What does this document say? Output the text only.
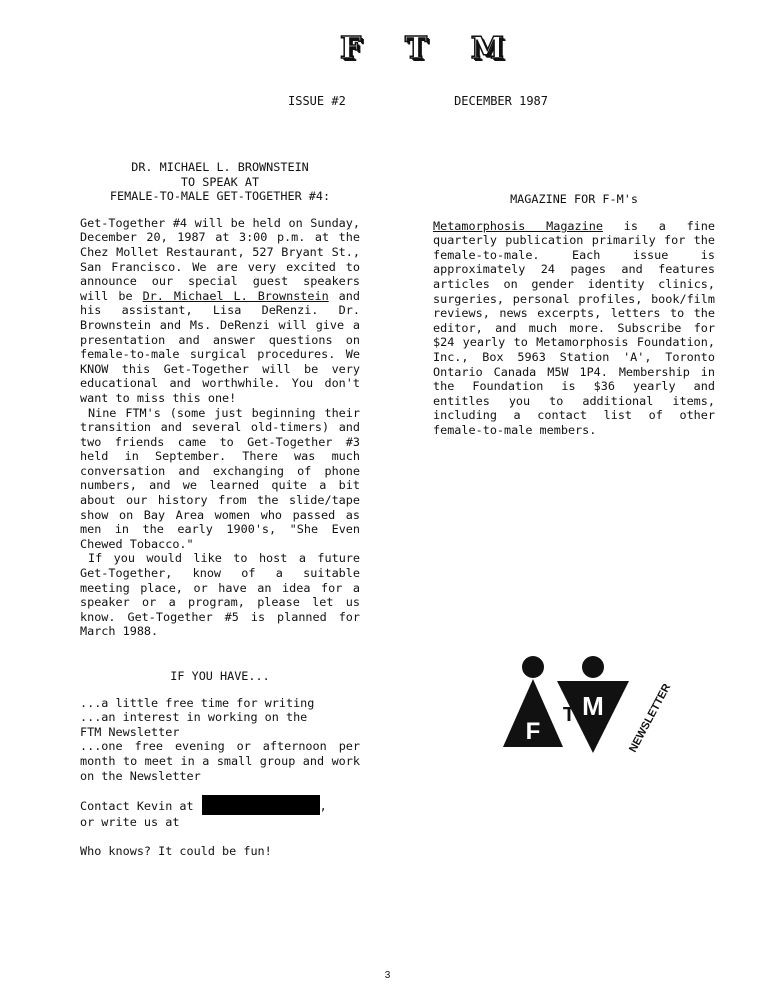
F T M
ISSUE #2	DECEMBER 1987
DR. MICHAEL L. BROWNSTEIN
TO SPEAK AT
FEMALE-TO-MALE GET-TOGETHER #4:

Get-Together #4 will be held on Sunday, December 20, 1987 at 3:00 p.m. at the Chez Mollet Restaurant, 527 Bryant St., San Francisco. We are very excited to announce our special guest speakers will be Dr. Michael L. Brownstein and his assistant, Lisa DeRenzi. Dr. Brownstein and Ms. DeRenzi will give a presentation and answer questions on female-to-male surgical procedures. We KNOW this Get-Together will be very educational and worthwhile. You don't want to miss this one!

Nine FTM's (some just beginning their transition and several old-timers) and two friends came to Get-Together #3 held in September. There was much conversation and exchanging of phone numbers, and we learned quite a bit about our history from the slide/tape show on Bay Area women who passed as men in the early 1900's, "She Even Chewed Tobacco."

If you would like to host a future Get-Together, know of a suitable meeting place, or have an idea for a speaker or a program, please let us know. Get-Together #5 is planned for March 1988.

IF YOU HAVE...

...a little free time for writing

...an interest in working on the
FTM Newsletter

...one free evening or afternoon per month to meet in a small group and work on the Newsletter

Contact Kevin at	,
or write us at
Who knows? It could be fun!
MAGAZINE FOR F-M's

Metamorphosis Magazine is a fine quarterly publication primarily for the female-to-male. Each issue is approximately 24 pages and features articles on gender identity clinics, surgeries, personal profiles, book/film reviews, news excerpts, letters to the editor, and much more. Subscribe for $24 yearly to Metamorphosis Foundation, Inc., Box 5963 Station 'A', Toronto Ontario Canada M5W 1P4. Membership in the Foundation is $36 yearly and entitles you to additional items, including a contact list of other female-to-male members.

F
T M NEWSLETTER
3
